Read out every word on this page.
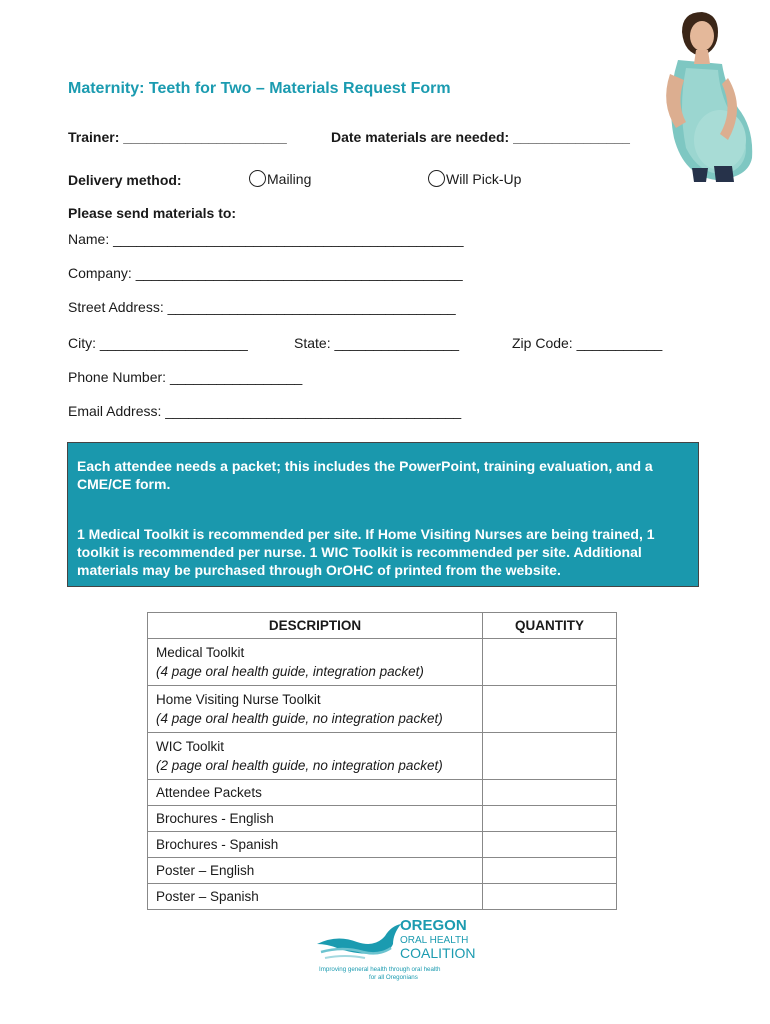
Maternity: Teeth for Two – Materials Request Form
Trainer: _____________________	Date materials are needed: _______________
Delivery method:	Mailing	Will Pick-Up
Please send materials to:
Name: _____________________________________________
Company: __________________________________________
Street Address: _____________________________________
City: ___________________	State: ________________	Zip Code: ___________
Phone Number: _________________
Email Address: ______________________________________

Each attendee needs a packet; this includes the PowerPoint, training evaluation, and a CME/CE form.

1 Medical Toolkit is recommended per site. If Home Visiting Nurses are being trained, 1 toolkit is recommended per nurse. 1 WIC Toolkit is recommended per site. Additional materials may be purchased through OrOHC of printed from the website.

DESCRIPTION	QUANTITY
Medical Toolkit
(4 page oral health guide, integration packet)	

Home Visiting Nurse Toolkit
(4 page oral health guide, no integration packet)	

WIC Toolkit
(2 page oral health guide, no integration packet)	

Attendee Packets	
Brochures - English	
Brochures - Spanish	
Poster – English	
Poster – Spanish	
OREGON
ORAL HEALTH
COALITION
Improving general health through oral health
for all Oregonians
